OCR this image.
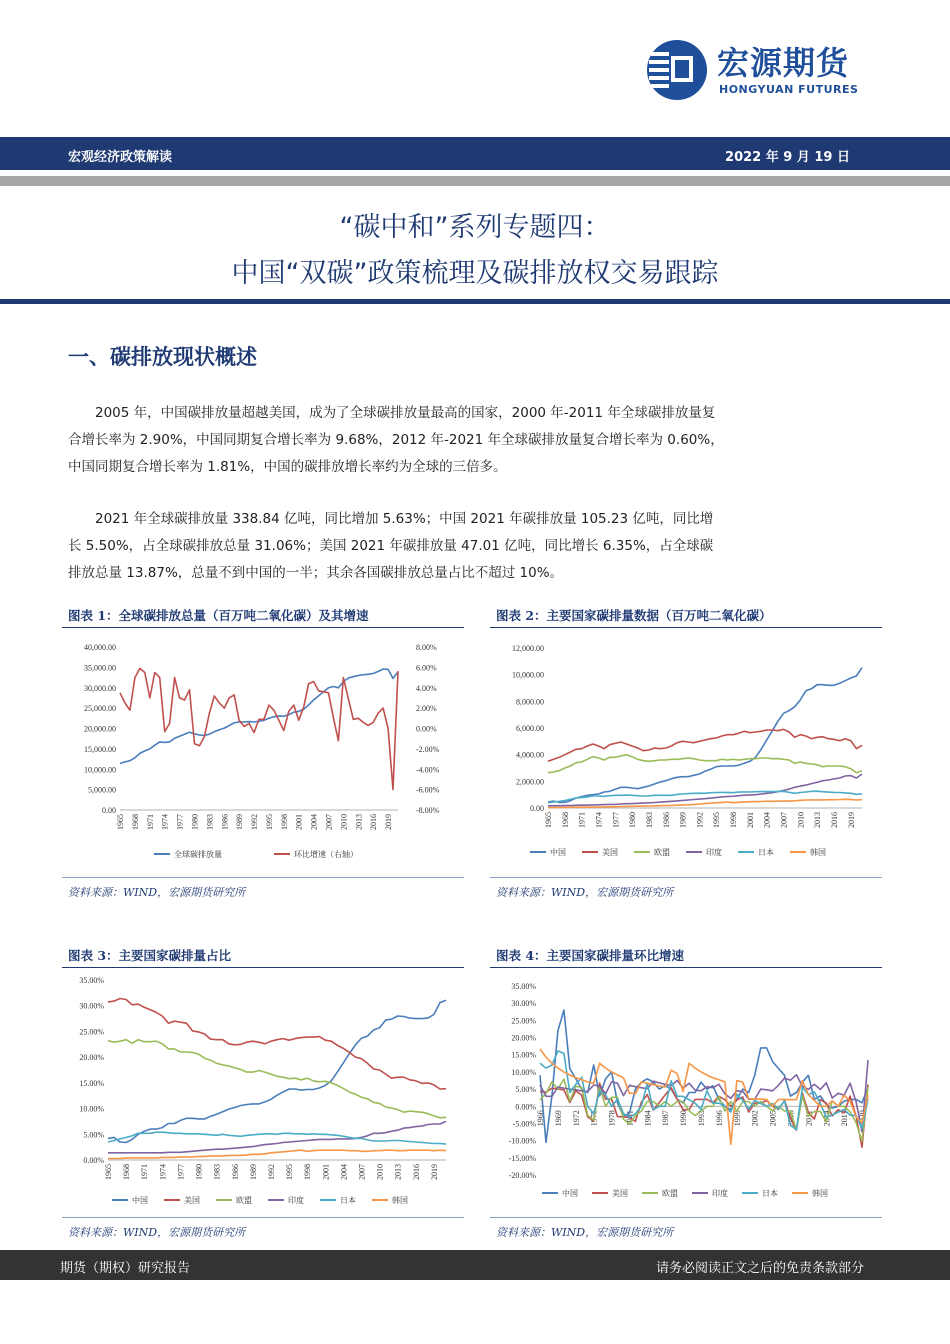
宏源期货
HONGYUAN FUTURES
宏观经济政策解读	2022 年 9 月 19 日
“碳中和”系列专题四：
中国“双碳”政策梳理及碳排放权交易跟踪
一、碳排放现状概述
2005 年，中国碳排放量超越美国，成为了全球碳排放量最高的国家，2000 年-2011 年全球碳排放量复合增长率为 2.90%，中国同期复合增长率为 9.68%，2012 年-2021 年全球碳排放量复合增长率为 0.60%，中国同期复合增长率为 1.81%，中国的碳排放增长率约为全球的三倍多。
2021 年全球碳排放量 338.84 亿吨，同比增加 5.63%；中国 2021 年碳排放量 105.23 亿吨，同比增长 5.50%，占全球碳排放总量 31.06%；美国 2021 年碳排放量 47.01 亿吨，同比增长 6.35%，占全球碳排放总量 13.87%，总量不到中国的一半；其余各国碳排放总量占比不超过 10%。
图表 1：全球碳排放总量（百万吨二氧化碳）及其增速
40,000.00
35,000.00
30,000.00
25,000.00
20,000.00
15,000.00
10,000.00
5,000.00
0.00
8.00%
6.00%
4.00%
2.00%
0.00%
-2.00%
-4.00%
-6.00%
-8.00%
1965 1968 1971 1974 1977 1980 1983 1986 1989 1992 1995 1998 2001 2004 2007 2010 2013 2016 2019
全球碳排放量	环比增速（右轴）
资料来源：WIND，宏源期货研究所
图表 2：主要国家碳排量数据（百万吨二氧化碳）
12,000.00
10,000.00
8,000.00
6,000.00
4,000.00
2,000.00
0.00
1965 1968 1971 1974 1977 1980 1983 1986 1989 1992 1995 1998 2001 2004 2007 2010 2013 2016 2019
中国	美国	欧盟	印度	日本	韩国
资料来源：WIND，宏源期货研究所
图表 3：主要国家碳排量占比
35.00%
30.00%
25.00%
20.00%
15.00%
10.00%
5.00%
0.00%
1965 1968 1971 1974 1977 1980 1983 1986 1989 1992 1995 1998 2001 2004 2007 2010 2013 2016 2019
中国	美国	欧盟	印度	日本	韩国
资料来源：WIND，宏源期货研究所
图表 4：主要国家碳排量环比增速
35.00%
30.00%
25.00%
20.00%
15.00%
10.00%
5.00%
0.00%
-5.00%
-10.00%
-15.00%
-20.00%
1966 1969 1972 1975 1978 1981 1984 1987 1990 1993 1996 1999 2002 2005 2008 2011 2014 2017 2020
中国	美国	欧盟	印度	日本	韩国
资料来源：WIND，宏源期货研究所
期货（期权）研究报告	请务必阅读正文之后的免责条款部分
